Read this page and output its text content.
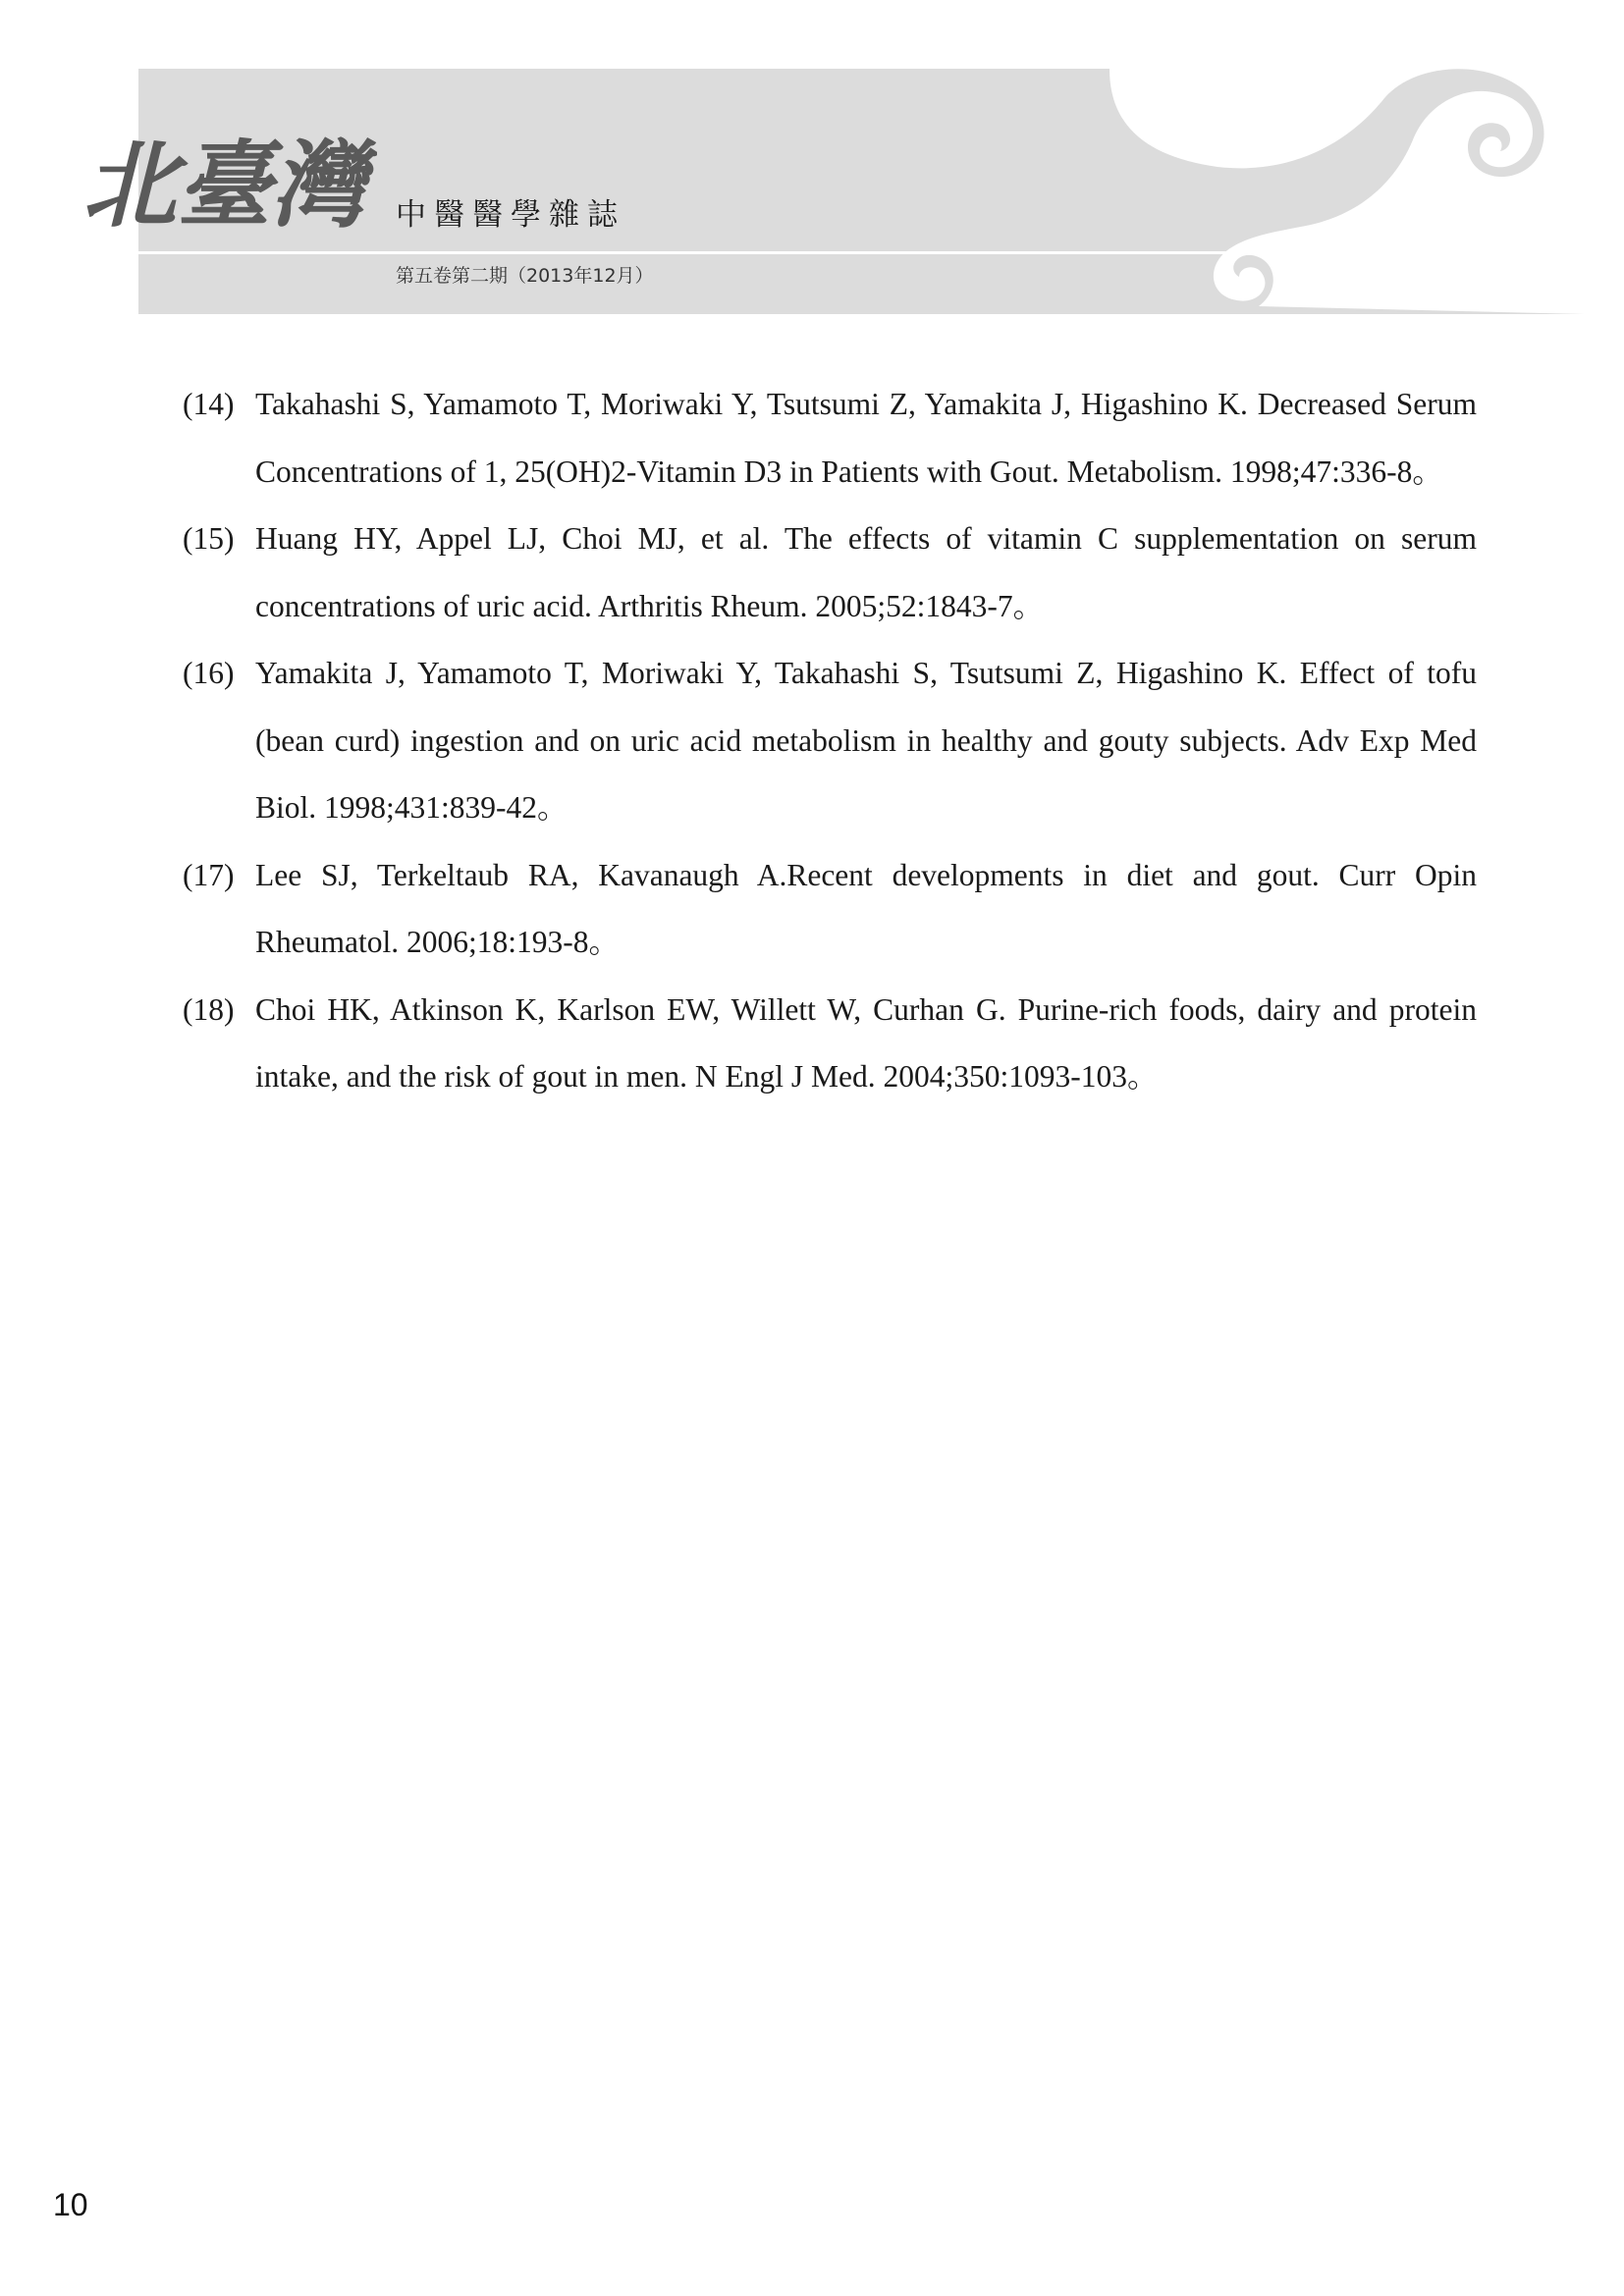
北臺灣	中醫醫學雜誌
第五卷第二期（2013年12月）
(14) Takahashi S, Yamamoto T, Moriwaki Y, Tsutsumi Z, Yamakita J, Higashino K. Decreased Serum Concentrations of 1, 25(OH)2-Vitamin D3 in Patients with Gout. Metabolism. 1998;47:336-8。
(15) Huang HY, Appel LJ, Choi MJ, et al. The effects of vitamin C supplementation on serum concentrations of uric acid. Arthritis Rheum. 2005;52:1843-7。
(16) Yamakita J, Yamamoto T, Moriwaki Y, Takahashi S, Tsutsumi Z, Higashino K. Effect of tofu (bean curd) ingestion and on uric acid metabolism in healthy and gouty subjects. Adv Exp Med Biol. 1998;431:839-42。
(17) Lee SJ, Terkeltaub RA, Kavanaugh A.Recent developments in diet and gout. Curr Opin Rheumatol. 2006;18:193-8。
(18) Choi HK, Atkinson K, Karlson EW, Willett W, Curhan G. Purine-rich foods, dairy and protein intake, and the risk of gout in men. N Engl J Med. 2004;350:1093-103。
10
